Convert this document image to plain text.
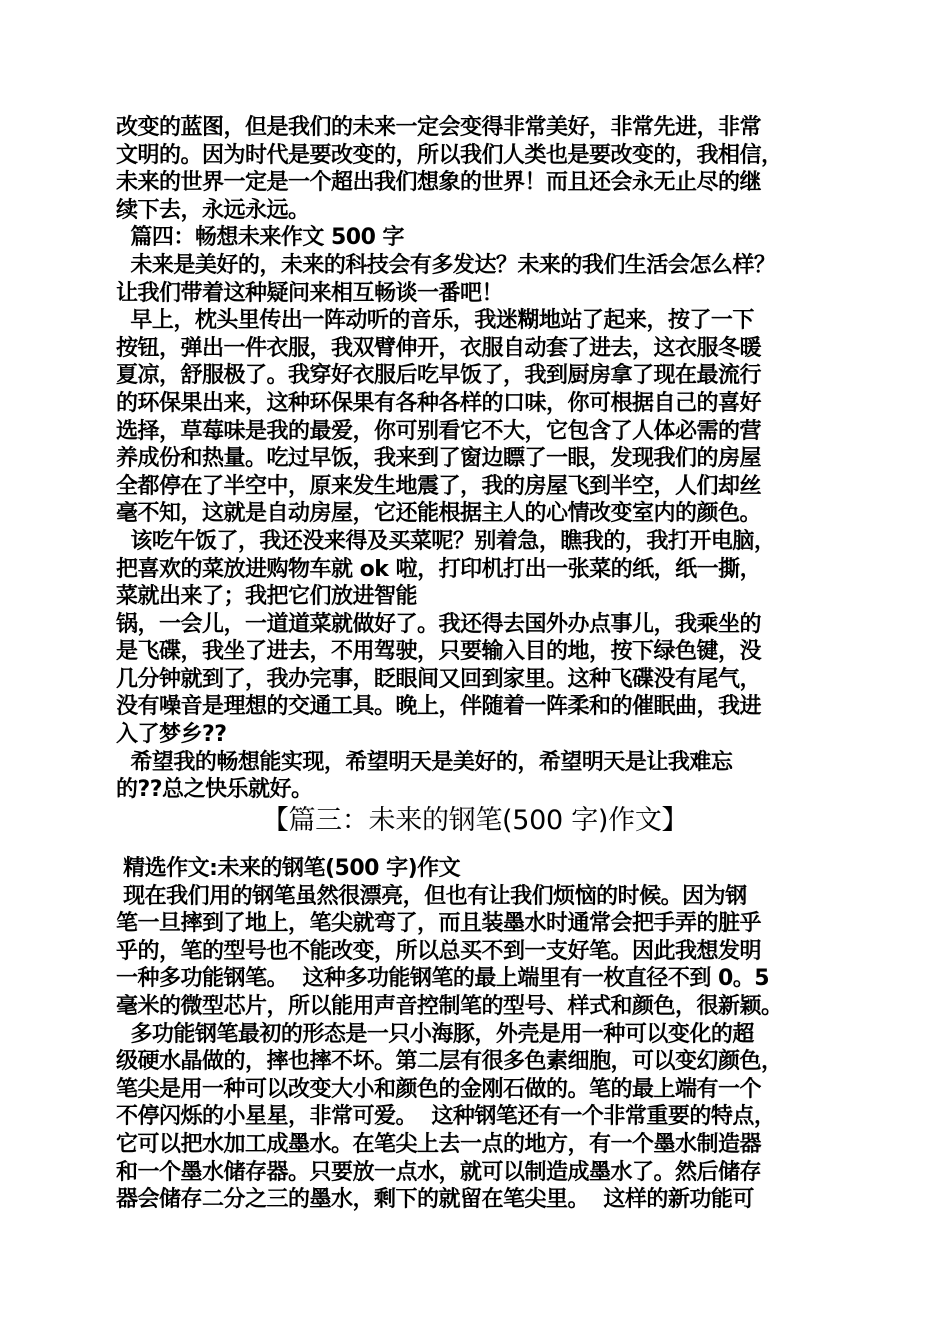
改变的蓝图，但是我们的未来一定会变得非常美好，非常先进，非常
文明的。因为时代是要改变的，所以我们人类也是要改变的，我相信，
未来的世界一定是一个超出我们想象的世界！而且还会永无止尽的继
续下去，永远永远。
篇四：畅想未来作文 500 字
未来是美好的，未来的科技会有多发达？未来的我们生活会怎么样？
让我们带着这种疑问来相互畅谈一番吧！
早上，枕头里传出一阵动听的音乐，我迷糊地站了起来，按了一下
按钮，弹出一件衣服，我双臂伸开，衣服自动套了进去，这衣服冬暖
夏凉，舒服极了。我穿好衣服后吃早饭了，我到厨房拿了现在最流行
的环保果出来，这种环保果有各种各样的口味，你可根据自己的喜好
选择，草莓味是我的最爱，你可别看它不大，它包含了人体必需的营
养成份和热量。吃过早饭，我来到了窗边瞟了一眼，发现我们的房屋
全都停在了半空中，原来发生地震了，我的房屋飞到半空，人们却丝
毫不知，这就是自动房屋，它还能根据主人的心情改变室内的颜色。
该吃午饭了，我还没来得及买菜呢？别着急，瞧我的，我打开电脑，
把喜欢的菜放进购物车就 ok 啦，打印机打出一张菜的纸，纸一撕，
菜就出来了；我把它们放进智能
锅，一会儿，一道道菜就做好了。我还得去国外办点事儿，我乘坐的
是飞碟，我坐了进去，不用驾驶，只要输入目的地，按下绿色键，没
几分钟就到了，我办完事，眨眼间又回到家里。这种飞碟没有尾气，
没有噪音是理想的交通工具。晚上，伴随着一阵柔和的催眠曲，我进
入了梦乡??
希望我的畅想能实现，希望明天是美好的，希望明天是让我难忘
的??总之快乐就好。
【篇三：未来的钢笔(500 字)作文】
精选作文:未来的钢笔(500 字)作文
现在我们用的钢笔虽然很漂亮，但也有让我们烦恼的时候。因为钢
笔一旦摔到了地上，笔尖就弯了，而且装墨水时通常会把手弄的脏乎
乎的，笔的型号也不能改变，所以总买不到一支好笔。因此我想发明
一种多功能钢笔。  这种多功能钢笔的最上端里有一枚直径不到 0。5
毫米的微型芯片，所以能用声音控制笔的型号、样式和颜色，很新颖。
多功能钢笔最初的形态是一只小海豚，外壳是用一种可以变化的超
级硬水晶做的，摔也摔不坏。第二层有很多色素细胞，可以变幻颜色，
笔尖是用一种可以改变大小和颜色的金刚石做的。笔的最上端有一个
不停闪烁的小星星，非常可爱。  这种钢笔还有一个非常重要的特点，
它可以把水加工成墨水。在笔尖上去一点的地方，有一个墨水制造器
和一个墨水储存器。只要放一点水，就可以制造成墨水了。然后储存
器会储存二分之三的墨水，剩下的就留在笔尖里。  这样的新功能可
